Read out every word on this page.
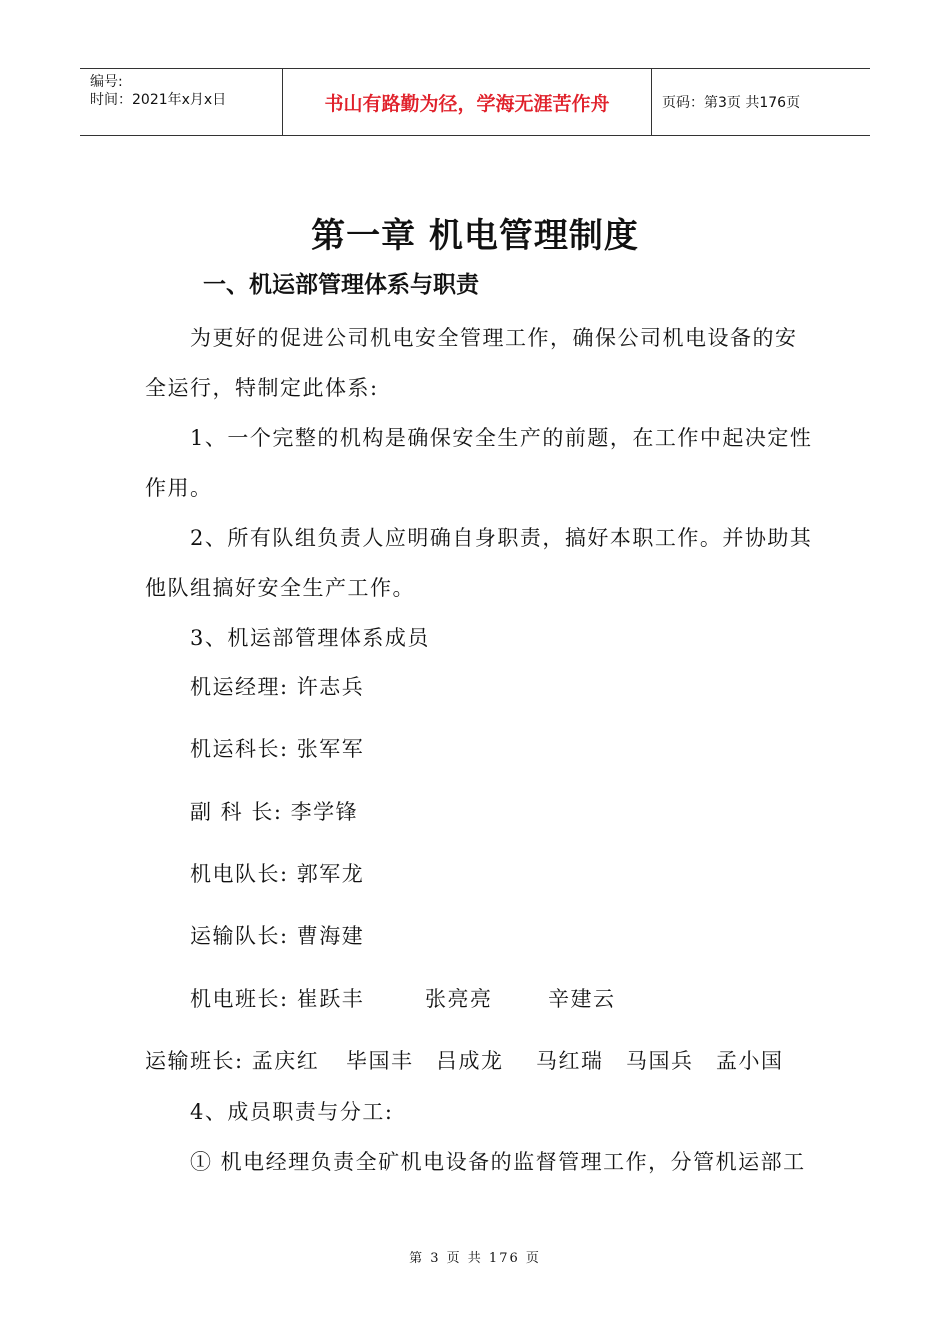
编号:
时间：2021年x月x日	书山有路勤为径，学海无涯苦作舟	页码：第3页 共176页
第一章 机电管理制度
一、机运部管理体系与职责
为更好的促进公司机电安全管理工作，确保公司机电设备的安
全运行，特制定此体系:
1、一个完整的机构是确保安全生产的前题，在工作中起决定性
作用。
2、所有队组负责人应明确自身职责，搞好本职工作。并协助其
他队组搞好安全生产工作。
3、机运部管理体系成员
机运经理: 许志兵
机运科长: 张军军
副 科 长: 李学锋
机电队长: 郭军龙
运输队长: 曹海建
机电班长: 崔跃丰	张亮亮	辛建云
运输班长: 孟庆红 毕国丰 吕成龙 马红瑞 马国兵 孟小国
4、成员职责与分工:
① 机电经理负责全矿机电设备的监督管理工作，分管机运部工
第 3 页 共 176 页
